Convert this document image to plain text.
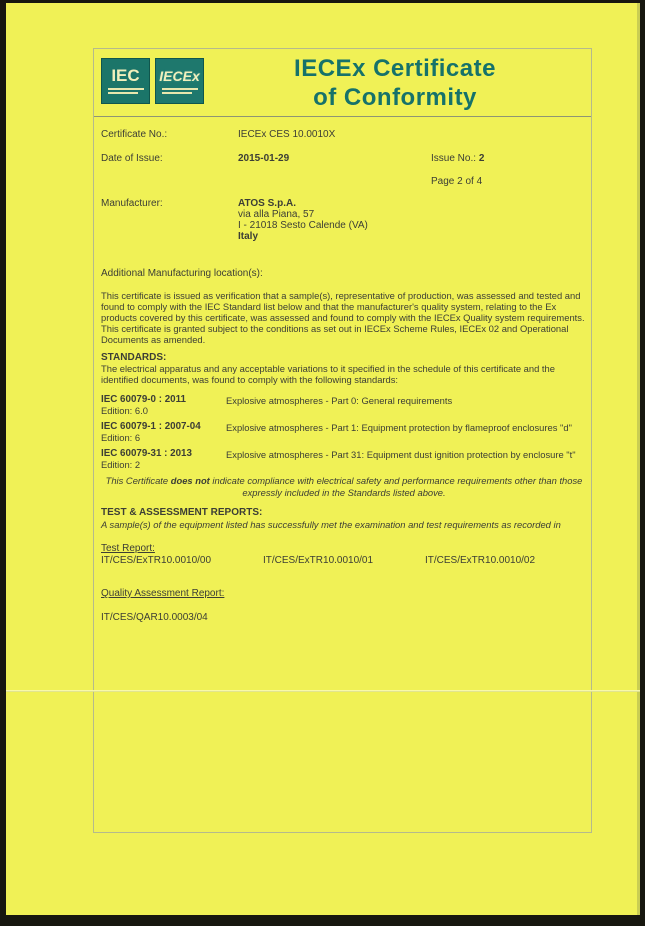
IEC IECEx	IECEx Certificate
of Conformity
Certificate No.:	IECEx CES 10.0010X
Date of Issue:	2015-01-29	Issue No.: 2
Page 2 of 4
Manufacturer:	ATOS S.p.A.
via alla Piana, 57
I - 21018 Sesto Calende (VA)
Italy
Additional Manufacturing location(s):
This certificate is issued as verification that a sample(s), representative of production, was assessed and tested and found to comply with the IEC Standard list below and that the manufacturer's quality system, relating to the Ex products covered by this certificate, was assessed and found to comply with the IECEx Quality system requirements. This certificate is granted subject to the conditions as set out in IECEx Scheme Rules, IECEx 02 and Operational Documents as amended.
STANDARDS:
The electrical apparatus and any acceptable variations to it specified in the schedule of this certificate and the identified documents, was found to comply with the following standards:
IEC 60079-0 : 2011
Edition: 6.0
Explosive atmospheres - Part 0: General requirements
IEC 60079-1 : 2007-04
Edition: 6
Explosive atmospheres - Part 1: Equipment protection by flameproof enclosures "d"
IEC 60079-31 : 2013
Edition: 2
Explosive atmospheres - Part 31: Equipment dust ignition protection by enclosure "t"
This Certificate does not indicate compliance with electrical safety and performance requirements other than those expressly included in the Standards listed above.
TEST & ASSESSMENT REPORTS:
A sample(s) of the equipment listed has successfully met the examination and test requirements as recorded in
Test Report:
IT/CES/ExTR10.0010/00	IT/CES/ExTR10.0010/01	IT/CES/ExTR10.0010/02
Quality Assessment Report:
IT/CES/QAR10.0003/04
